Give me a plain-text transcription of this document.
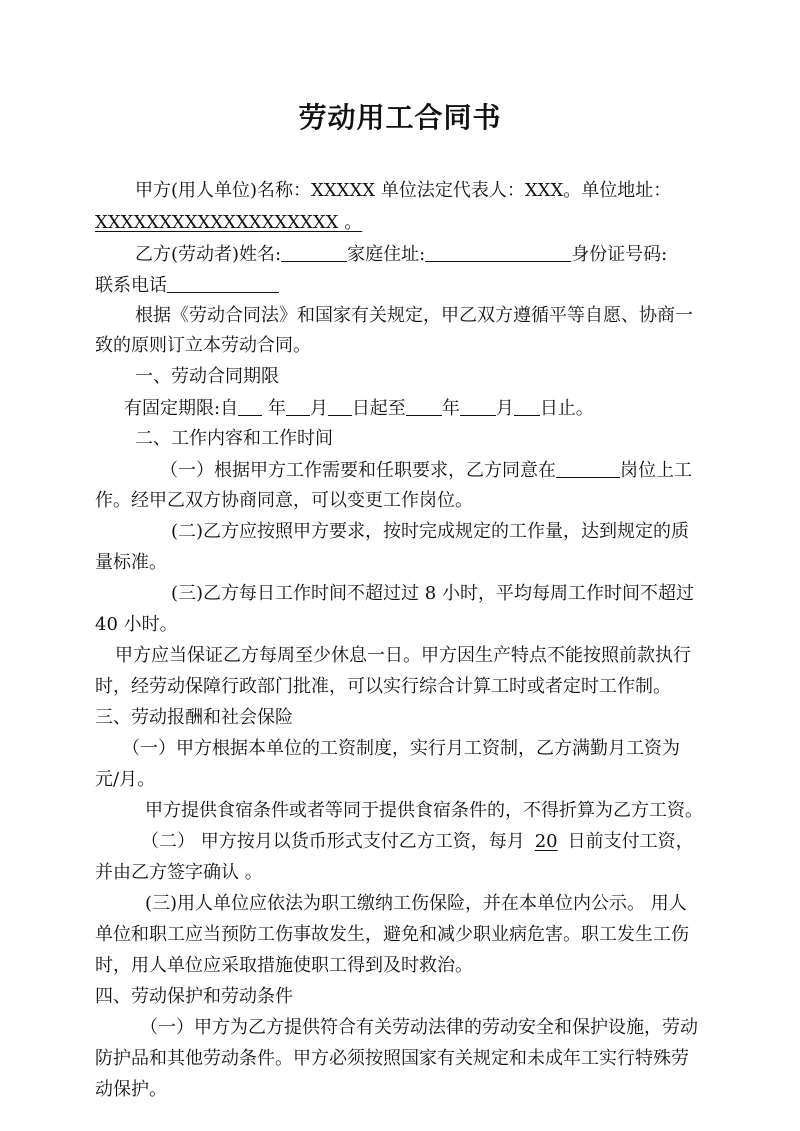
劳动用工合同书
甲方(用人单位)名称：XXXXX 单位法定代表人：XXX。单位地址：
XXXXXXXXXXXXXXXXXXX 。
乙方(劳动者)姓名:	家庭住址:	身份证号码:
联系电话
根据《劳动合同法》和国家有关规定，甲乙双方遵循平等自愿、协商一
致的原则订立本劳动合同。
一、劳动合同期限
有固定期限:自 年 月 日起至 年 月 日止。
二、工作内容和工作时间
（一）根据甲方工作需要和任职要求，乙方同意在	岗位上工
作。经甲乙双方协商同意，可以变更工作岗位。
(二)乙方应按照甲方要求，按时完成规定的工作量，达到规定的质
量标准。
(三)乙方每日工作时间不超过过 8 小时，平均每周工作时间不超过
40 小时。
甲方应当保证乙方每周至少休息一日。甲方因生产特点不能按照前款执行
时，经劳动保障行政部门批准，可以实行综合计算工时或者定时工作制。
三、劳动报酬和社会保险
（一）甲方根据本单位的工资制度，实行月工资制，乙方满勤月工资为
元/月。
甲方提供食宿条件或者等同于提供食宿条件的，不得折算为乙方工资。
（二） 甲方按月以货币形式支付乙方工资，每月 20 日前支付工资，
并由乙方签字确认 。
(三)用人单位应依法为职工缴纳工伤保险，并在本单位内公示。 用人
单位和职工应当预防工伤事故发生，避免和减少职业病危害。职工发生工伤
时，用人单位应采取措施使职工得到及时救治。
四、劳动保护和劳动条件
（一）甲方为乙方提供符合有关劳动法律的劳动安全和保护设施，劳动
防护品和其他劳动条件。甲方必须按照国家有关规定和未成年工实行特殊劳
动保护。
